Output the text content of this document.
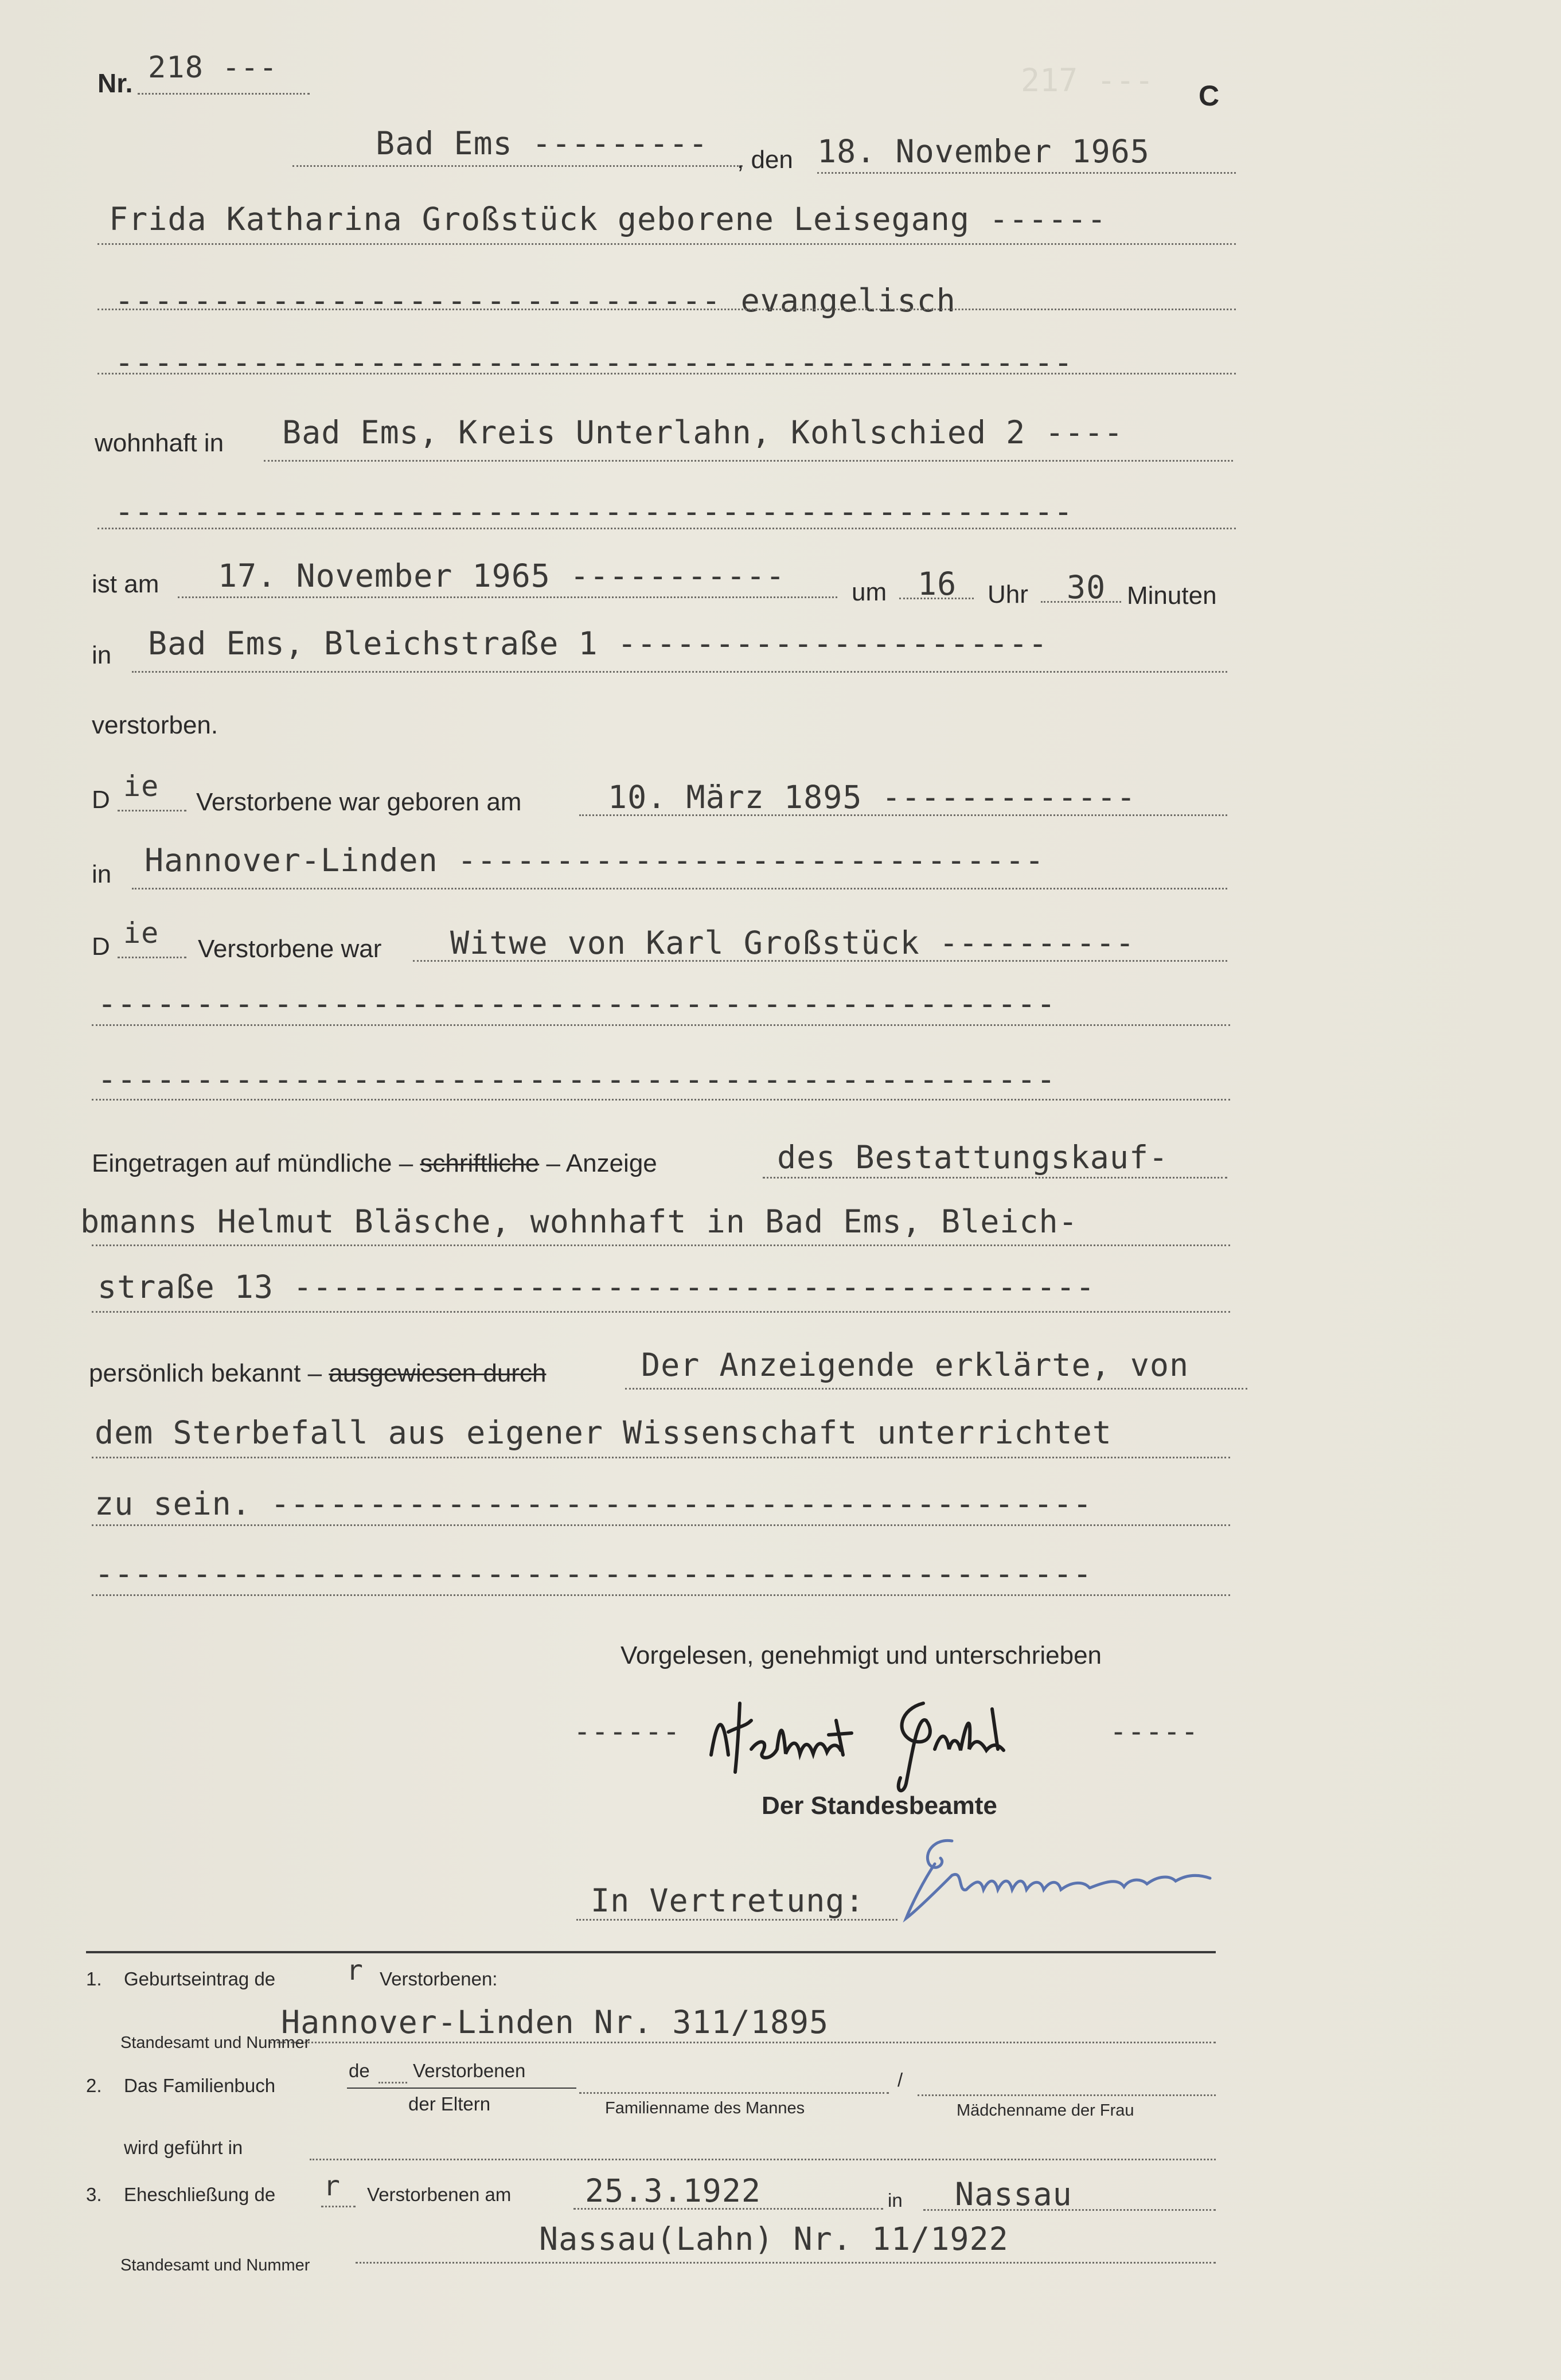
217 ---
Nr. 218 ---
C
Bad Ems --------- , den 18. November 1965
Frida Katharina Großstück geborene Leisegang ------
------------------------------- evangelisch
-------------------------------------------------
wohnhaft in Bad Ems, Kreis Unterlahn, Kohlschied 2 ----
-------------------------------------------------
ist am 17. November 1965 -----------	um 16 Uhr 30 Minuten
in Bad Ems, Bleichstraße 1 ----------------------
verstorben.
D ie Verstorbene war geboren am	10. März 1895 -------------
in Hannover-Linden ------------------------------
D ie Verstorbene war Witwe von Karl Großstück ----------
-------------------------------------------------
-------------------------------------------------
Eingetragen auf mündliche – schriftliche – Anzeige	des Bestattungskauf-
bmanns Helmut Bläsche, wohnhaft in Bad Ems, Bleich-
straße 13 -----------------------------------------
persönlich bekannt – ausgewiesen durch	Der Anzeigende erklärte, von
dem Sterbefall aus eigener Wissenschaft unterrichtet
zu sein. ------------------------------------------
---------------------------------------------------
Vorgelesen, genehmigt und unterschrieben
------	-----
Der Standesbeamte
In Vertretung:
1. Geburtseintrag de	r Verstorbenen:
Hannover-Linden Nr. 311/1895
Standesamt und Nummer
2. Das Familienbuch
de Verstorbenen
der Eltern	Familienname des Mannes
/
Mädchenname der Frau
wird geführt in
3. Eheschließung de r Verstorbenen am 25.3.1922	in Nassau
Nassau(Lahn) Nr. 11/1922
Standesamt und Nummer
